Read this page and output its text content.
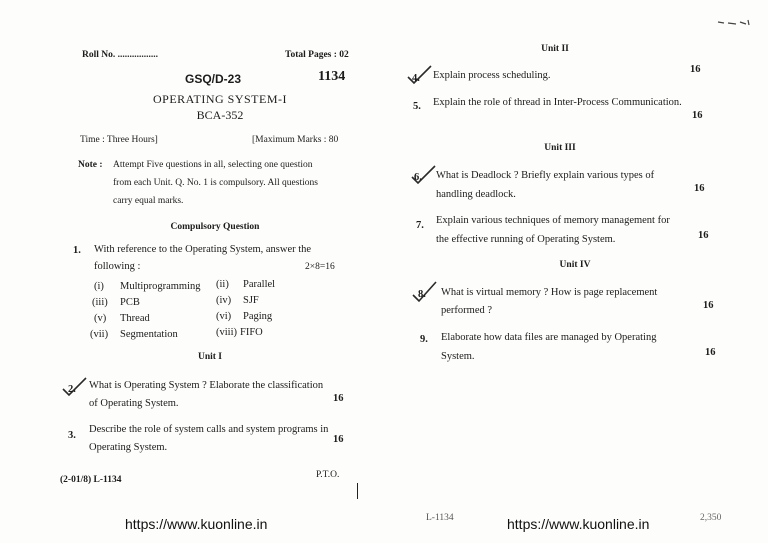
Roll No. .................	Total Pages : 02
GSQ/D-23	1134
OPERATING SYSTEM-I
BCA-352
Time : Three Hours]	[Maximum Marks : 80
Note : Attempt Five questions in all, selecting one question
from each Unit. Q. No. 1 is compulsory. All questions
carry equal marks.
Compulsory Question
1. With reference to the Operating System, answer the
following :	2×8=16
(i) Multiprogramming (ii) Parallel
(iii) PCB	(iv) SJF
(v) Thread	(vi) Paging
(vii) Segmentation	(viii) FIFO
Unit I
2. What is Operating System ? Elaborate the classification
of Operating System.	16
3.
Describe the role of system calls and system programs in
Operating System.
16
P.T.O.
(2-01/8) L-1134
https://www.kuonline.in
Unit II
4. Explain process scheduling.
16
5. Explain the role of thread in Inter-Process Communication.
16
Unit III
6. What is Deadlock ? Briefly explain various types of
handling deadlock.
16
7. Explain various techniques of memory management for
the effective running of Operating System.	16
Unit IV
8. What is virtual memory ? How is page replacement
performed ?	16
9. Elaborate how data files are managed by Operating
System.	16
L-1134	https://www.kuonline.in	2,350
